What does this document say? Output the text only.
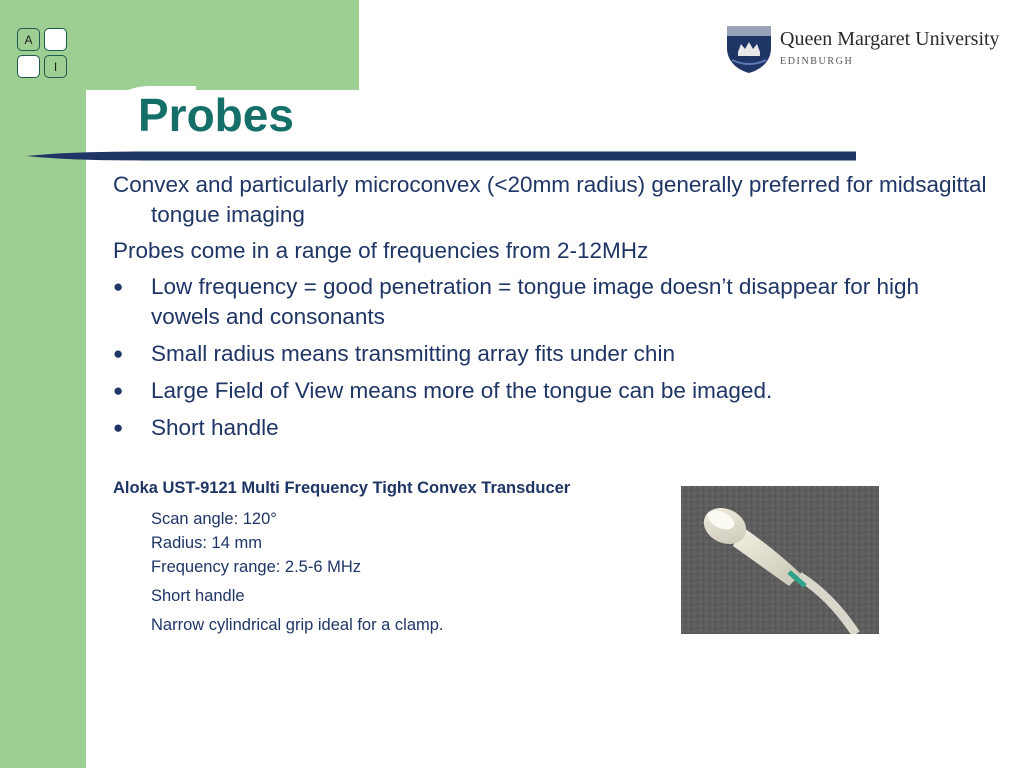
A
I
Queen Margaret University
EDINBURGH
Probes

Convex and particularly microconvex (<20mm radius) generally preferred for midsagittal tongue imaging

Probes come in a range of frequencies from 2-12MHz

●	Low frequency = good penetration = tongue image doesn’t disappear for high vowels and consonants
●	Small radius means transmitting array fits under chin
●	Large Field of View means more of the tongue can be imaged.
●	Short handle
Aloka UST-9121 Multi Frequency Tight Convex Transducer
Scan angle: 120°
Radius: 14 mm
Frequency range: 2.5-6 MHz
Short handle
Narrow cylindrical grip ideal for a clamp.
